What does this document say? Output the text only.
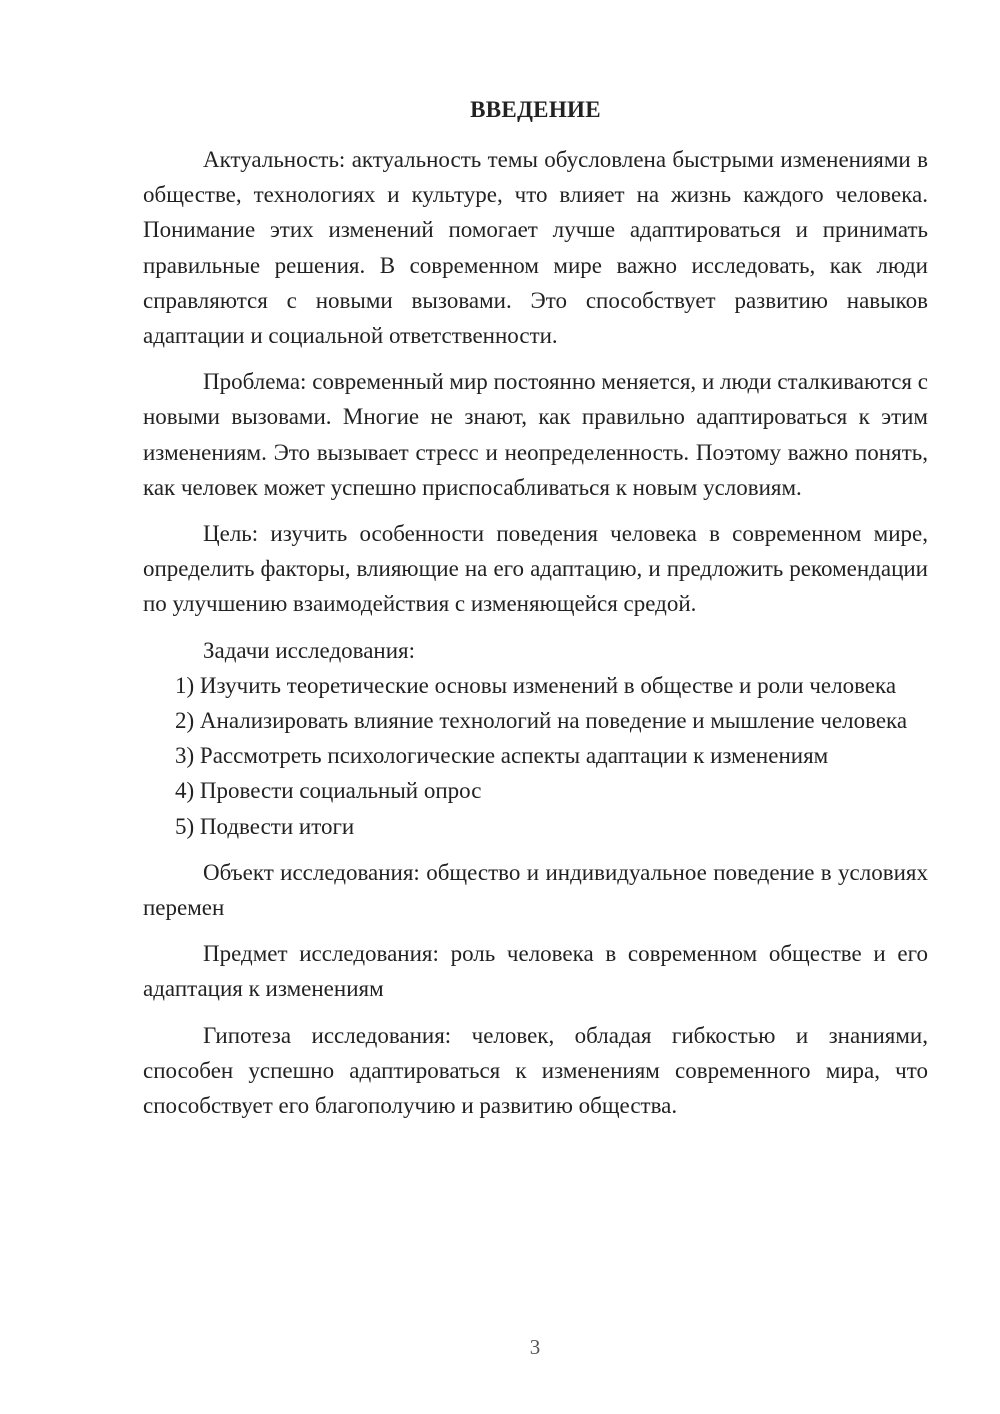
ВВЕДЕНИЕ

Актуальность: актуальность темы обусловлена быстрыми изменениями в обществе, технологиях и культуре, что влияет на жизнь каждого человека. Понимание этих изменений помогает лучше адаптироваться и принимать правильные решения. В современном мире важно исследовать, как люди справляются с новыми вызовами. Это способствует развитию навыков адаптации и социальной ответственности.

Проблема: современный мир постоянно меняется, и люди сталкиваются с новыми вызовами. Многие не знают, как правильно адаптироваться к этим изменениям. Это вызывает стресс и неопределенность. Поэтому важно понять, как человек может успешно приспосабливаться к новым условиям.

Цель: изучить особенности поведения человека в современном мире, определить факторы, влияющие на его адаптацию, и предложить рекомендации по улучшению взаимодействия с изменяющейся средой.

Задачи исследования:

1) Изучить теоретические основы изменений в обществе и роли человека

2) Анализировать влияние технологий на поведение и мышление человека

3) Рассмотреть психологические аспекты адаптации к изменениям

4) Провести социальный опрос

5) Подвести итоги

Объект исследования: общество и индивидуальное поведение в условиях перемен

Предмет исследования: роль человека в современном обществе и его адаптация к изменениям

Гипотеза исследования: человек, обладая гибкостью и знаниями, способен успешно адаптироваться к изменениям современного мира, что способствует его благополучию и развитию общества.

3
